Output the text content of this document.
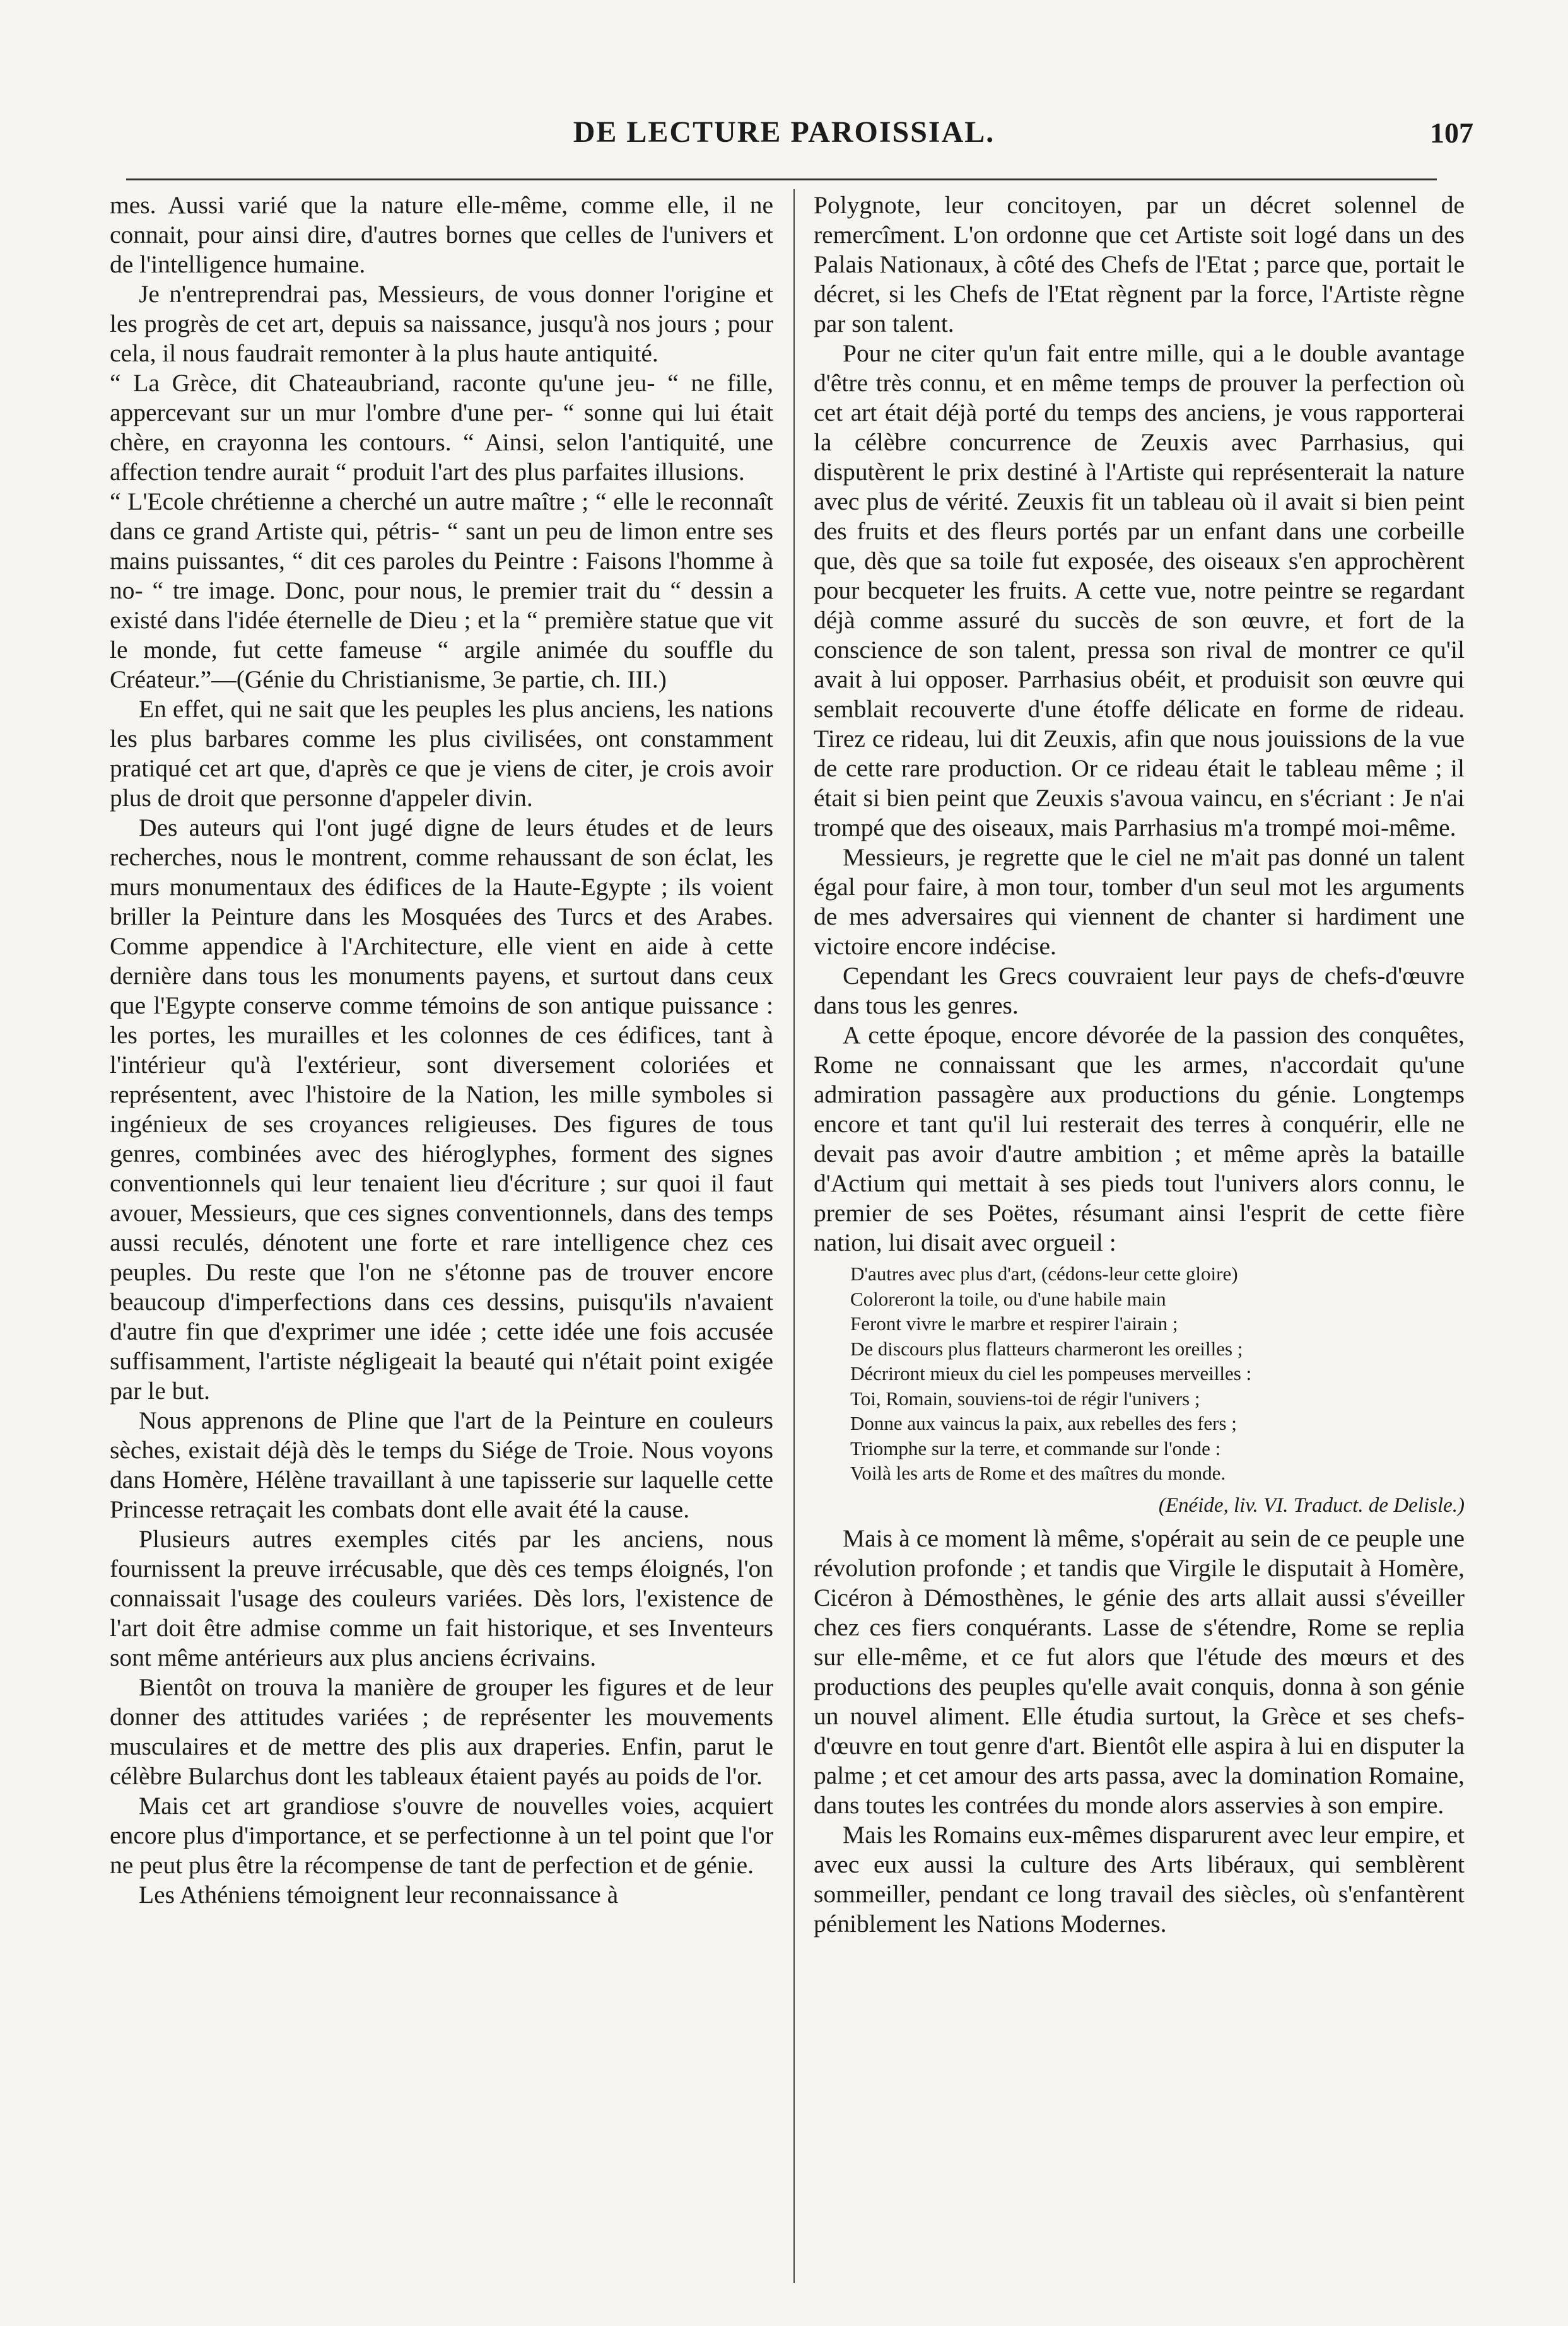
DE LECTURE PAROISSIAL.	107

mes. Aussi varié que la nature elle-même, comme elle, il ne connait, pour ainsi dire, d'autres bornes que celles de l'univers et de l'intelligence humaine.

Je n'entreprendrai pas, Messieurs, de vous donner l'origine et les progrès de cet art, depuis sa naissance, jusqu'à nos jours ; pour cela, il nous faudrait remonter à la plus haute antiquité.

“ La Grèce, dit Chateaubriand, raconte qu'une jeu- “ ne fille, appercevant sur un mur l'ombre d'une per- “ sonne qui lui était chère, en crayonna les contours. “ Ainsi, selon l'antiquité, une affection tendre aurait “ produit l'art des plus parfaites illusions.

“ L'Ecole chrétienne a cherché un autre maître ; “ elle le reconnaît dans ce grand Artiste qui, pétris- “ sant un peu de limon entre ses mains puissantes, “ dit ces paroles du Peintre : Faisons l'homme à no- “ tre image. Donc, pour nous, le premier trait du “ dessin a existé dans l'idée éternelle de Dieu ; et la “ première statue que vit le monde, fut cette fameuse “ argile animée du souffle du Créateur.”—(Génie du Christianisme, 3e partie, ch. III.)

En effet, qui ne sait que les peuples les plus anciens, les nations les plus barbares comme les plus civilisées, ont constamment pratiqué cet art que, d'après ce que je viens de citer, je crois avoir plus de droit que personne d'appeler divin.

Des auteurs qui l'ont jugé digne de leurs études et de leurs recherches, nous le montrent, comme rehaussant de son éclat, les murs monumentaux des édifices de la Haute-Egypte ; ils voient briller la Peinture dans les Mosquées des Turcs et des Arabes. Comme appendice à l'Architecture, elle vient en aide à cette dernière dans tous les monuments payens, et surtout dans ceux que l'Egypte conserve comme témoins de son antique puissance : les portes, les murailles et les colonnes de ces édifices, tant à l'intérieur qu'à l'extérieur, sont diversement coloriées et représentent, avec l'histoire de la Nation, les mille symboles si ingénieux de ses croyances religieuses. Des figures de tous genres, combinées avec des hiéroglyphes, forment des signes conventionnels qui leur tenaient lieu d'écriture ; sur quoi il faut avouer, Messieurs, que ces signes conventionnels, dans des temps aussi reculés, dénotent une forte et rare intelligence chez ces peuples. Du reste que l'on ne s'étonne pas de trouver encore beaucoup d'imperfections dans ces dessins, puisqu'ils n'avaient d'autre fin que d'exprimer une idée ; cette idée une fois accusée suffisamment, l'artiste négligeait la beauté qui n'était point exigée par le but.

Nous apprenons de Pline que l'art de la Peinture en couleurs sèches, existait déjà dès le temps du Siége de Troie. Nous voyons dans Homère, Hélène travaillant à une tapisserie sur laquelle cette Princesse retraçait les combats dont elle avait été la cause.

Plusieurs autres exemples cités par les anciens, nous fournissent la preuve irrécusable, que dès ces temps éloignés, l'on connaissait l'usage des couleurs variées. Dès lors, l'existence de l'art doit être admise comme un fait historique, et ses Inventeurs sont même antérieurs aux plus anciens écrivains.

Bientôt on trouva la manière de grouper les figures et de leur donner des attitudes variées ; de représenter les mouvements musculaires et de mettre des plis aux draperies. Enfin, parut le célèbre Bularchus dont les tableaux étaient payés au poids de l'or.

Mais cet art grandiose s'ouvre de nouvelles voies, acquiert encore plus d'importance, et se perfectionne à un tel point que l'or ne peut plus être la récompense de tant de perfection et de génie.

Les Athéniens témoignent leur reconnaissance à

Polygnote, leur concitoyen, par un décret solennel de remercîment. L'on ordonne que cet Artiste soit logé dans un des Palais Nationaux, à côté des Chefs de l'Etat ; parce que, portait le décret, si les Chefs de l'Etat règnent par la force, l'Artiste règne par son talent.

Pour ne citer qu'un fait entre mille, qui a le double avantage d'être très connu, et en même temps de prouver la perfection où cet art était déjà porté du temps des anciens, je vous rapporterai la célèbre concurrence de Zeuxis avec Parrhasius, qui disputèrent le prix destiné à l'Artiste qui représenterait la nature avec plus de vérité. Zeuxis fit un tableau où il avait si bien peint des fruits et des fleurs portés par un enfant dans une corbeille que, dès que sa toile fut exposée, des oiseaux s'en approchèrent pour becqueter les fruits. A cette vue, notre peintre se regardant déjà comme assuré du succès de son œuvre, et fort de la conscience de son talent, pressa son rival de montrer ce qu'il avait à lui opposer. Parrhasius obéit, et produisit son œuvre qui semblait recouverte d'une étoffe délicate en forme de rideau. Tirez ce rideau, lui dit Zeuxis, afin que nous jouissions de la vue de cette rare production. Or ce rideau était le tableau même ; il était si bien peint que Zeuxis s'avoua vaincu, en s'écriant : Je n'ai trompé que des oiseaux, mais Parrhasius m'a trompé moi-même.

Messieurs, je regrette que le ciel ne m'ait pas donné un talent égal pour faire, à mon tour, tomber d'un seul mot les arguments de mes adversaires qui viennent de chanter si hardiment une victoire encore indécise.

Cependant les Grecs couvraient leur pays de chefs-d'œuvre dans tous les genres.

A cette époque, encore dévorée de la passion des conquêtes, Rome ne connaissant que les armes, n'accordait qu'une admiration passagère aux productions du génie. Longtemps encore et tant qu'il lui resterait des terres à conquérir, elle ne devait pas avoir d'autre ambition ; et même après la bataille d'Actium qui mettait à ses pieds tout l'univers alors connu, le premier de ses Poëtes, résumant ainsi l'esprit de cette fière nation, lui disait avec orgueil :

D'autres avec plus d'art, (cédons-leur cette gloire)
Coloreront la toile, ou d'une habile main
Feront vivre le marbre et respirer l'airain ;
De discours plus flatteurs charmeront les oreilles ;
Décriront mieux du ciel les pompeuses merveilles :
Toi, Romain, souviens-toi de régir l'univers ;
Donne aux vaincus la paix, aux rebelles des fers ;
Triomphe sur la terre, et commande sur l'onde :
Voilà les arts de Rome et des maîtres du monde.
(Enéide, liv. VI. Traduct. de Delisle.)

Mais à ce moment là même, s'opérait au sein de ce peuple une révolution profonde ; et tandis que Virgile le disputait à Homère, Cicéron à Démosthènes, le génie des arts allait aussi s'éveiller chez ces fiers conquérants. Lasse de s'étendre, Rome se replia sur elle-même, et ce fut alors que l'étude des mœurs et des productions des peuples qu'elle avait conquis, donna à son génie un nouvel aliment. Elle étudia surtout, la Grèce et ses chefs-d'œuvre en tout genre d'art. Bientôt elle aspira à lui en disputer la palme ; et cet amour des arts passa, avec la domination Romaine, dans toutes les contrées du monde alors asservies à son empire.

Mais les Romains eux-mêmes disparurent avec leur empire, et avec eux aussi la culture des Arts libéraux, qui semblèrent sommeiller, pendant ce long travail des siècles, où s'enfantèrent péniblement les Nations Modernes.
